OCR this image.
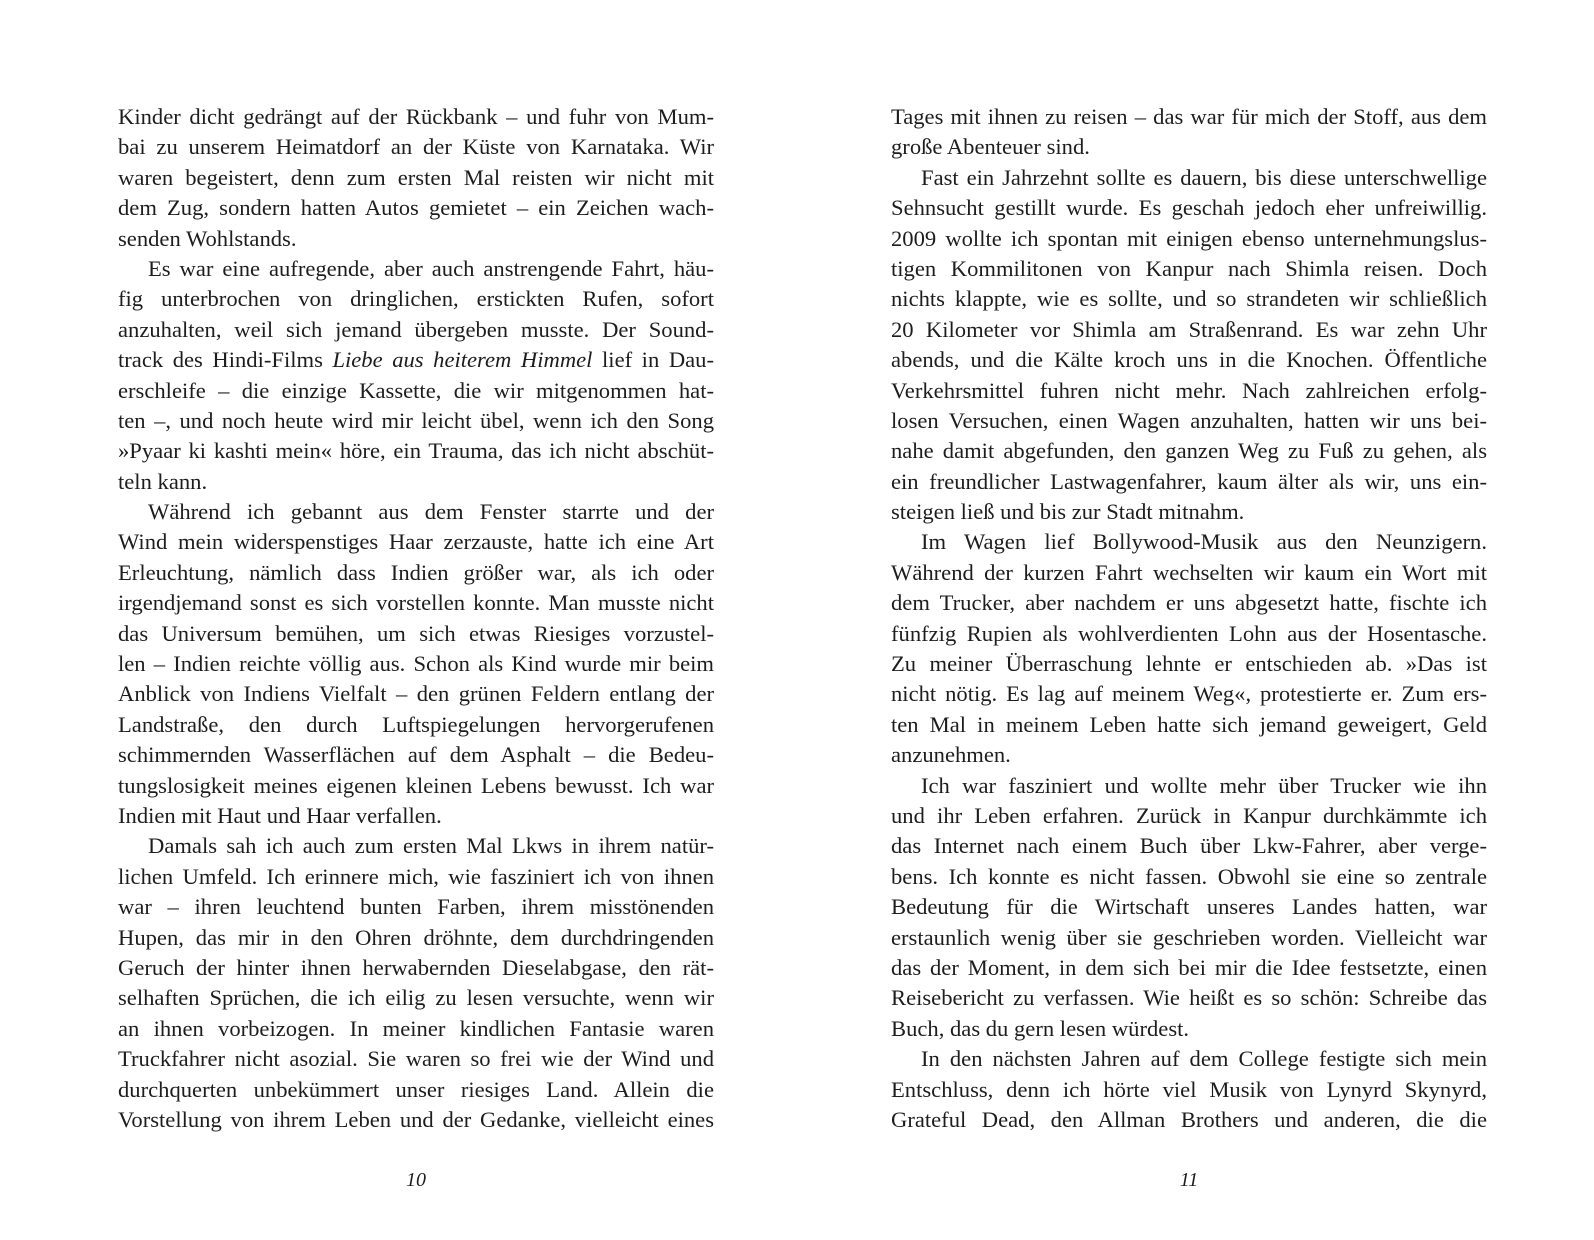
Kinder dicht gedrängt auf der Rückbank – und fuhr von Mum-
bai zu unserem Heimatdorf an der Küste von Karnataka. Wir
waren begeistert, denn zum ersten Mal reisten wir nicht mit
dem Zug, sondern hatten Autos gemietet – ein Zeichen wach-
senden Wohlstands.
Es war eine aufregende, aber auch anstrengende Fahrt, häu-
fig unterbrochen von dringlichen, erstickten Rufen, sofort
anzuhalten, weil sich jemand übergeben musste. Der Sound-
track des Hindi-Films Liebe aus heiterem Himmel lief in Dau-
erschleife – die einzige Kassette, die wir mitgenommen hat-
ten –, und noch heute wird mir leicht übel, wenn ich den Song
»Pyaar ki kashti mein« höre, ein Trauma, das ich nicht abschüt-
teln kann.
Während ich gebannt aus dem Fenster starrte und der
Wind mein widerspenstiges Haar zerzauste, hatte ich eine Art
Erleuchtung, nämlich dass Indien größer war, als ich oder
irgendjemand sonst es sich vorstellen konnte. Man musste nicht
das Universum bemühen, um sich etwas Riesiges vorzustel-
len – Indien reichte völlig aus. Schon als Kind wurde mir beim
Anblick von Indiens Vielfalt – den grünen Feldern entlang der
Landstraße, den durch Luftspiegelungen hervorgerufenen
schimmernden Wasserflächen auf dem Asphalt – die Bedeu-
tungslosigkeit meines eigenen kleinen Lebens bewusst. Ich war
Indien mit Haut und Haar verfallen.
Damals sah ich auch zum ersten Mal Lkws in ihrem natür-
lichen Umfeld. Ich erinnere mich, wie fasziniert ich von ihnen
war – ihren leuchtend bunten Farben, ihrem misstönenden
Hupen, das mir in den Ohren dröhnte, dem durchdringenden
Geruch der hinter ihnen herwabernden Dieselabgase, den rät-
selhaften Sprüchen, die ich eilig zu lesen versuchte, wenn wir
an ihnen vorbeizogen. In meiner kindlichen Fantasie waren
Truckfahrer nicht asozial. Sie waren so frei wie der Wind und
durchquerten unbekümmert unser riesiges Land. Allein die
Vorstellung von ihrem Leben und der Gedanke, vielleicht eines
10
Tages mit ihnen zu reisen – das war für mich der Stoff, aus dem
große Abenteuer sind.
Fast ein Jahrzehnt sollte es dauern, bis diese unterschwellige
Sehnsucht gestillt wurde. Es geschah jedoch eher unfreiwillig.
2009 wollte ich spontan mit einigen ebenso unternehmungslus-
tigen Kommilitonen von Kanpur nach Shimla reisen. Doch
nichts klappte, wie es sollte, und so strandeten wir schließlich
20 Kilometer vor Shimla am Straßenrand. Es war zehn Uhr
abends, und die Kälte kroch uns in die Knochen. Öffentliche
Verkehrsmittel fuhren nicht mehr. Nach zahlreichen erfolg-
losen Versuchen, einen Wagen anzuhalten, hatten wir uns bei-
nahe damit abgefunden, den ganzen Weg zu Fuß zu gehen, als
ein freundlicher Lastwagenfahrer, kaum älter als wir, uns ein-
steigen ließ und bis zur Stadt mitnahm.
Im Wagen lief Bollywood-Musik aus den Neunzigern.
Während der kurzen Fahrt wechselten wir kaum ein Wort mit
dem Trucker, aber nachdem er uns abgesetzt hatte, fischte ich
fünfzig Rupien als wohlverdienten Lohn aus der Hosentasche.
Zu meiner Überraschung lehnte er entschieden ab. »Das ist
nicht nötig. Es lag auf meinem Weg«, protestierte er. Zum ers-
ten Mal in meinem Leben hatte sich jemand geweigert, Geld
anzunehmen.
Ich war fasziniert und wollte mehr über Trucker wie ihn
und ihr Leben erfahren. Zurück in Kanpur durchkämmte ich
das Internet nach einem Buch über Lkw-Fahrer, aber verge-
bens. Ich konnte es nicht fassen. Obwohl sie eine so zentrale
Bedeutung für die Wirtschaft unseres Landes hatten, war
erstaunlich wenig über sie geschrieben worden. Vielleicht war
das der Moment, in dem sich bei mir die Idee festsetzte, einen
Reisebericht zu verfassen. Wie heißt es so schön: Schreibe das
Buch, das du gern lesen würdest.
In den nächsten Jahren auf dem College festigte sich mein
Entschluss, denn ich hörte viel Musik von Lynyrd Skynyrd,
Grateful Dead, den Allman Brothers und anderen, die die
11
